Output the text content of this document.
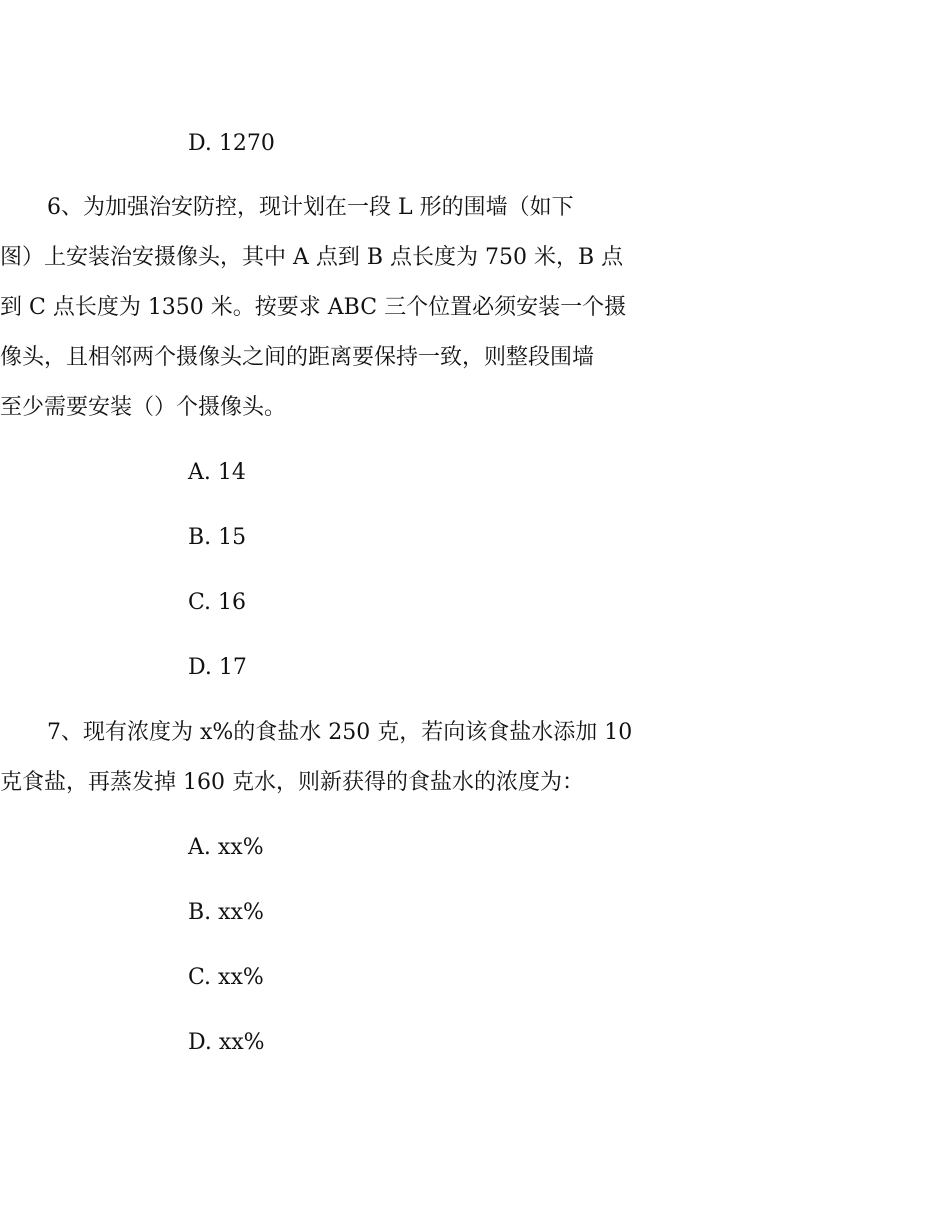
D. 1270
6、为加强治安防控，现计划在一段 L 形的围墙（如下
图）上安装治安摄像头，其中 A 点到 B 点长度为 750 米，B 点
到 C 点长度为 1350 米。按要求 ABC 三个位置必须安装一个摄
像头，且相邻两个摄像头之间的距离要保持一致，则整段围墙
至少需要安装（）个摄像头。
A. 14
B. 15
C. 16
D. 17
7、现有浓度为 x%的食盐水 250 克，若向该食盐水添加 10
克食盐，再蒸发掉 160 克水，则新获得的食盐水的浓度为：
A. xx%
B. xx%
C. xx%
D. xx%
